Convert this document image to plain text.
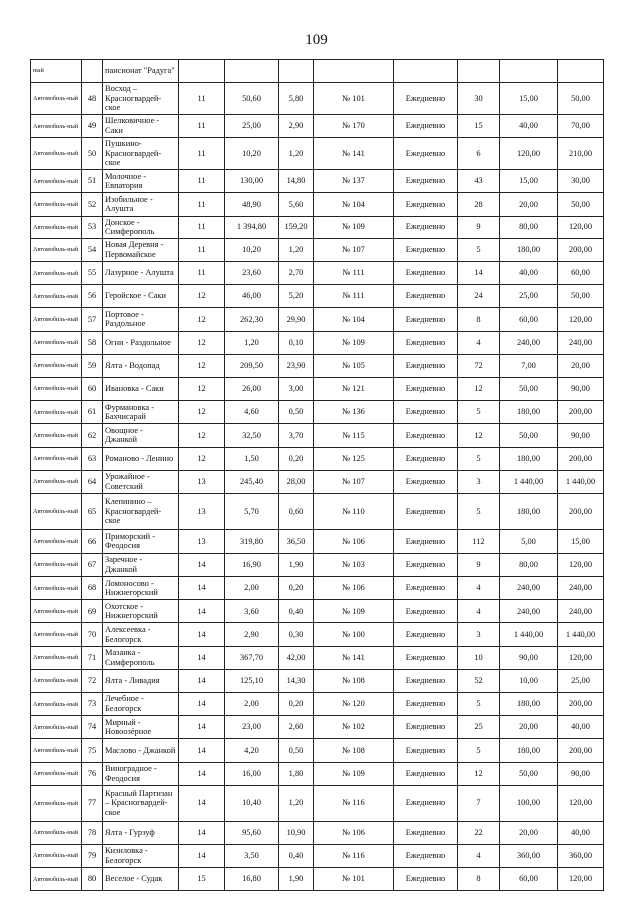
109
ный		пансионат "Радуга"								
Автомобиль-ный	48	Восход – Красногвардей-ское	11	50,60	5,80	№ 101	Ежедневно	30	15,00	50,00
Автомобиль-ный	49	Шелковичное - Саки	11	25,00	2,90	№ 170	Ежедневно	15	40,00	70,00
Автомобиль-ный	50	Пушкино-Красногвардей-ское	11	10,20	1,20	№ 141	Ежедневно	6	120,00	210,00
Автомобиль-ный	51	Молочное - Евпатория	11	130,00	14,80	№ 137	Ежедневно	43	15,00	30,00
Автомобиль-ный	52	Изобильное - Алушта	11	48,90	5,60	№ 104	Ежедневно	28	20,00	50,00
Автомобиль-ный	53	Донское - Симферополь	11	1 394,80	159,20	№ 109	Ежедневно	9	80,00	120,00
Автомобиль-ный	54	Новая Деревня - Первомайское	11	10,20	1,20	№ 107	Ежедневно	5	180,00	200,00
Автомобиль-ный	55	Лазурное - Алушта	11	23,60	2,70	№ 111	Ежедневно	14	40,00	60,00
Автомобиль-ный	56	Геройское - Саки	12	46,00	5,20	№ 111	Ежедневно	24	25,00	50,00
Автомобиль-ный	57	Портовое - Раздольное	12	262,30	29,90	№ 104	Ежедневно	8	60,00	120,00
Автомобиль-ный	58	Огни - Раздольное	12	1,20	0,10	№ 109	Ежедневно	4	240,00	240,00
Автомобиль-ный	59	Ялта - Водопад	12	209,50	23,90	№ 105	Ежедневно	72	7,00	20,00
Автомобиль-ный	60	Ивановка - Саки	12	26,00	3,00	№ 121	Ежедневно	12	50,00	90,00
Автомобиль-ный	61	Фурмановка - Бахчисарай	12	4,60	0,50	№ 136	Ежедневно	5	180,00	200,00
Автомобиль-ный	62	Овощное - Джанкой	12	32,50	3,70	№ 115	Ежедневно	12	50,00	90,00
Автомобиль-ный	63	Романово - Ленино	12	1,50	0,20	№ 125	Ежедневно	5	180,00	200,00
Автомобиль-ный	64	Урожайное - Советский	13	245,40	28,00	№ 107	Ежедневно	3	1 440,00	1 440,00
Автомобиль-ный	65	Клепинино – Красногвардей-ское	13	5,70	0,60	№ 110	Ежедневно	5	180,00	200,00
Автомобиль-ный	66	Приморский - Феодосия	13	319,80	36,50	№ 106	Ежедневно	112	5,00	15,00
Автомобиль-ный	67	Заречное - Джанкой	14	16,90	1,90	№ 103	Ежедневно	9	80,00	120,00
Автомобиль-ный	68	Ломоносово - Нижнегорский	14	2,00	0,20	№ 106	Ежедневно	4	240,00	240,00
Автомобиль-ный	69	Охотское - Нижнегорский	14	3,60	0,40	№ 109	Ежедневно	4	240,00	240,00
Автомобиль-ный	70	Алексеевка - Белогорск	14	2,90	0,30	№ 100	Ежедневно	3	1 440,00	1 440,00
Автомобиль-ный	71	Мазанка - Симферополь	14	367,70	42,00	№ 141	Ежедневно	10	90,00	120,00
Автомобиль-ный	72	Ялта - Ливадия	14	125,10	14,30	№ 108	Ежедневно	52	10,00	25,00
Автомобиль-ный	73	Лечебное - Белогорск	14	2,00	0,20	№ 120	Ежедневно	5	180,00	200,00
Автомобиль-ный	74	Мирный - Новоозёрное	14	23,00	2,60	№ 102	Ежедневно	25	20,00	40,00
Автомобиль-ный	75	Маслово - Джанкой	14	4,20	0,50	№ 108	Ежедневно	5	180,00	200,00
Автомобиль-ный	76	Виноградное - Феодосия	14	16,00	1,80	№ 109	Ежедневно	12	50,00	90,00
Автомобиль-ный	77	Красный Партизан – Красногвардей-ское	14	10,40	1,20	№ 116	Ежедневно	7	100,00	120,00
Автомобиль-ный	78	Ялта - Гурзуф	14	95,60	10,90	№ 106	Ежедневно	22	20,00	40,00
Автомобиль-ный	79	Кизиловка - Белогорск	14	3,50	0,40	№ 116	Ежедневно	4	360,00	360,00
Автомобиль-ный	80	Веселое - Судак	15	16,80	1,90	№ 101	Ежедневно	8	60,00	120,00
